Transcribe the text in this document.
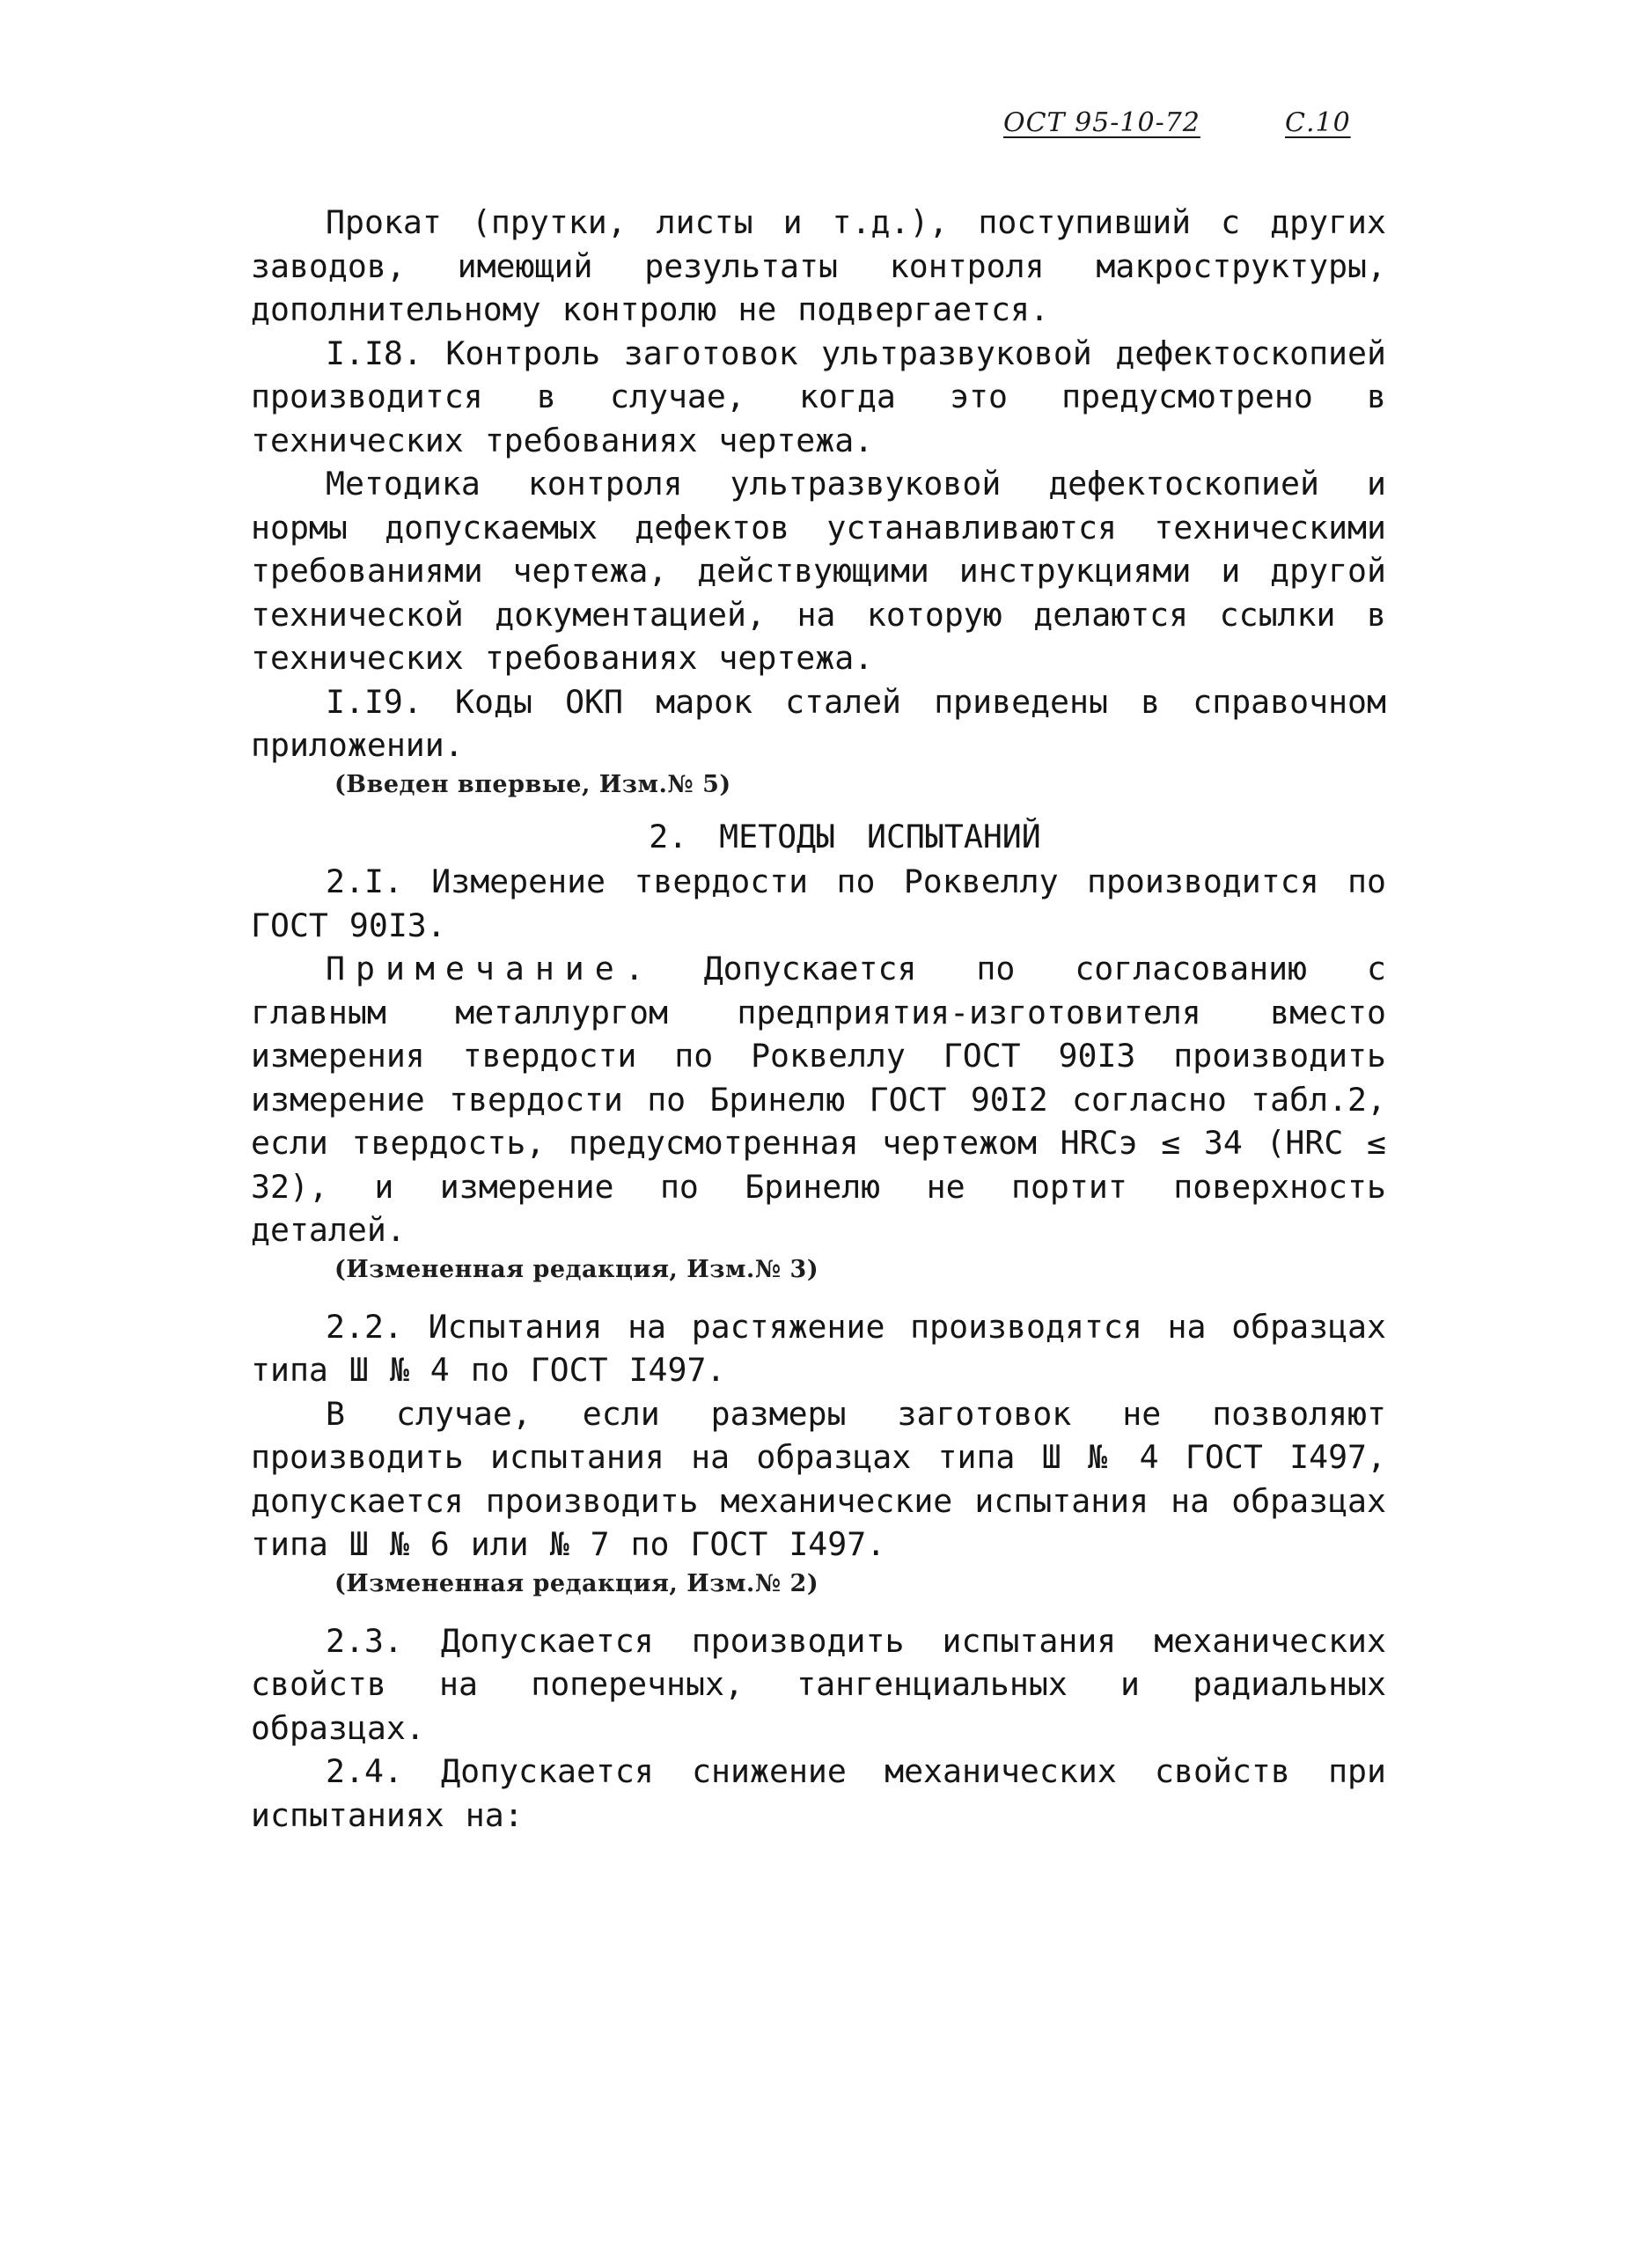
ОСТ 95-10-72	С.10

Прокат (прутки, листы и т.д.), поступивший с других заводов, имеющий результаты контроля макроструктуры, дополнительному контролю не подвергается.

I.I8. Контроль заготовок ультразвуковой дефектоскопией производится в случае, когда это предусмотрено в технических требованиях чертежа.

Методика контроля ультразвуковой дефектоскопией и нормы допускаемых дефектов устанавливаются техническими требованиями чертежа, действующими инструкциями и другой технической документацией, на которую делаются ссылки в технических требованиях чертежа.

I.I9. Коды ОКП марок сталей приведены в справочном приложении.

(Введен впервые, Изм.№ 5)

2. МЕТОДЫ ИСПЫТАНИЙ

2.I. Измерение твердости по Роквеллу производится по ГОСТ 90I3.

Примечание. Допускается по согласованию с главным металлургом предприятия-изготовителя вместо измерения твердости по Роквеллу ГОСТ 90I3 производить измерение твердости по Бринелю ГОСТ 90I2 согласно табл.2, если твердость, предусмотренная чертежом HRCэ ≤ 34 (HRC ≤ 32), и измерение по Бринелю не портит поверхность деталей.

(Измененная редакция, Изм.№ 3)

2.2. Испытания на растяжение производятся на образцах типа Ш № 4 по ГОСТ I497.

В случае, если размеры заготовок не позволяют производить испытания на образцах типа Ш № 4 ГОСТ I497, допускается производить механические испытания на образцах типа Ш № 6 или № 7 по ГОСТ I497.

(Измененная редакция, Изм.№ 2)

2.3. Допускается производить испытания механических свойств на поперечных, тангенциальных и радиальных образцах.

2.4. Допускается снижение механических свойств при испытаниях на:
